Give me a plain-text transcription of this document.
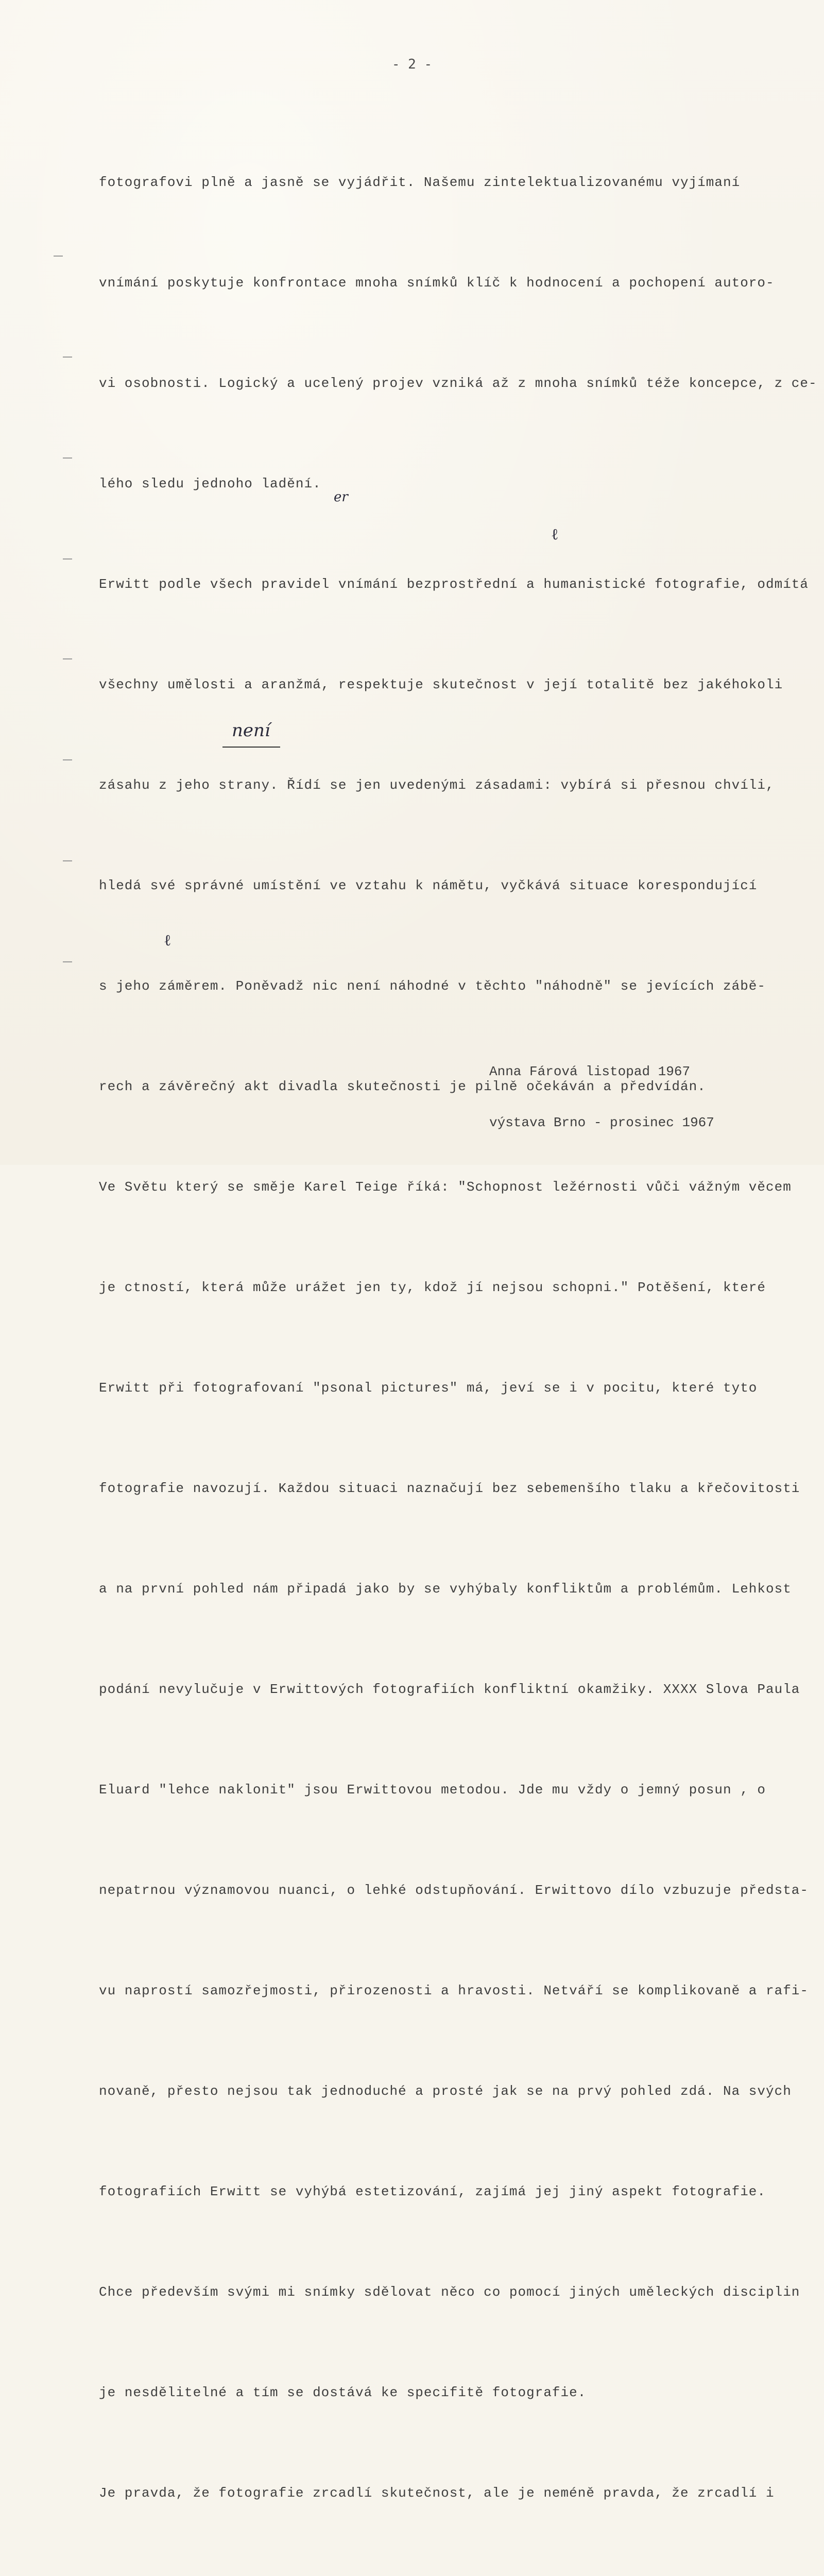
- 2 -

fotografovi plně a jasně se vyjádřit. Našemu zintelektualizovanému vyjímaní

vnímání poskytuje konfrontace mnoha snímků klíč k hodnocení a pochopení autoro-

vi osobnosti. Logický a ucelený projev vzniká až z mnoha snímků téže koncepce, z ce-

lého sledu jednoho ladění.

Erwitt podle všech pravidel vnímání bezprostřední a humanistické fotografie, odmítá

všechny umělosti a aranžmá, respektuje skutečnost v její totalitě bez jakéhokoli

zásahu z jeho strany. Řídí se jen uvedenými zásadami: vybírá si přesnou chvíli,

hledá své správné umístění ve vztahu k námětu, vyčkává situace korespondující

s jeho záměrem. Poněvadž nic není náhodné v těchto "náhodně" se jevících zábě-

rech a závěrečný akt divadla skutečnosti je pilně očekáván a předvídán.

Ve Světu který se směje Karel Teige říká: "Schopnost ležérnosti vůči vážným věcem

je ctností, která může urážet jen ty, kdož jí nejsou schopni." Potěšení, které

Erwitt při fotografovaní "psonal pictures" má, jeví se i v pocitu, které tyto

fotografie navozují. Každou situaci naznačují bez sebemenšího tlaku a křečovitosti

a na první pohled nám připadá jako by se vyhýbaly konfliktům a problémům. Lehkost

podání nevylučuje v Erwittových fotografiích konfliktní okamžiky. XXXX Slova Paula

Eluard "lehce naklonit" jsou Erwittovou metodou. Jde mu vždy o jemný posun , o

nepatrnou významovou nuanci, o lehké odstupňování. Erwittovo dílo vzbuzuje předsta-

vu naprostí samozřejmosti, přirozenosti a hravosti. Netváří se komplikovaně a rafi-

novaně, přesto nejsou tak jednoduché a prosté jak se na prvý pohled zdá. Na svých

fotografiích Erwitt se vyhýbá estetizování, zajímá jej jiný aspekt fotografie.

Chce především svými mi snímky sdělovat něco co pomocí jiných uměleckých disciplin

je nesdělitelné a tím se dostává ke specifitě fotografie.

Je pravda, že fotografie zrcadlí skutečnost, ale je neméně pravda, že zrcadlí i

není
er
ℓ
ℓ

Anna Fárová listopad 1967

výstava Brno - prosinec 1967
